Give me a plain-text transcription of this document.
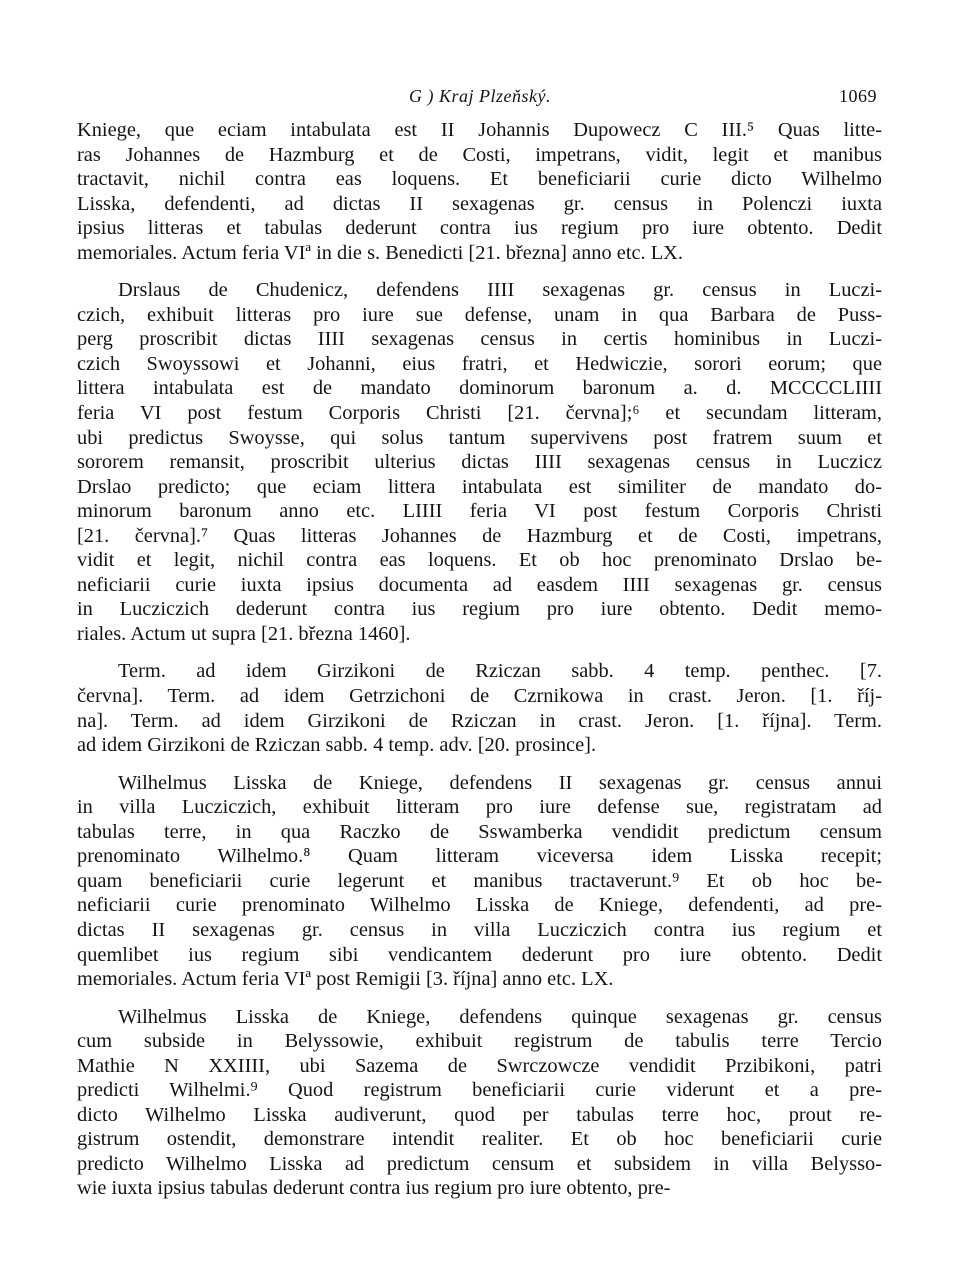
G ) Kraj Plzeňský.	1069
Kniege, que eciam intabulata est II Johannis Dupowecz C III.⁵ Quas litte-
ras Johannes de Hazmburg et de Costi, impetrans, vidit, legit et manibus
tractavit, nichil contra eas loquens. Et beneficiarii curie dicto Wilhelmo
Lisska, defendenti, ad dictas II sexagenas gr. census in Polenczi iuxta
ipsius litteras et tabulas dederunt contra ius regium pro iure obtento. Dedit
memoriales. Actum feria VIª in die s. Benedicti [21. března] anno etc. LX.
Drslaus de Chudenicz, defendens IIII sexagenas gr. census in Luczi-
czich, exhibuit litteras pro iure sue defense, unam in qua Barbara de Puss-
perg proscribit dictas IIII sexagenas census in certis hominibus in Luczi-
czich Swoyssowi et Johanni, eius fratri, et Hedwiczie, sorori eorum; que
littera intabulata est de mandato dominorum baronum a. d. MCCCCLIIII
feria VI post festum Corporis Christi [21. června];⁶ et secundam litteram,
ubi predictus Swoysse, qui solus tantum supervivens post fratrem suum et
sororem remansit, proscribit ulterius dictas IIII sexagenas census in Luczicz
Drslao predicto; que eciam littera intabulata est similiter de mandato do-
minorum baronum anno etc. LIIII feria VI post festum Corporis Christi
[21. června].⁷ Quas litteras Johannes de Hazmburg et de Costi, impetrans,
vidit et legit, nichil contra eas loquens. Et ob hoc prenominato Drslao be-
neficiarii curie iuxta ipsius documenta ad easdem IIII sexagenas gr. census
in Lucziczich dederunt contra ius regium pro iure obtento. Dedit memo-
riales. Actum ut supra [21. března 1460].
Term. ad idem Girzikoni de Rziczan sabb. 4 temp. penthec. [7.
června]. Term. ad idem Getrzichoni de Czrnikowa in crast. Jeron. [1. říj-
na]. Term. ad idem Girzikoni de Rziczan in crast. Jeron. [1. října]. Term.
ad idem Girzikoni de Rziczan sabb. 4 temp. adv. [20. prosince].
Wilhelmus Lisska de Kniege, defendens II sexagenas gr. census annui
in villa Lucziczich, exhibuit litteram pro iure defense sue, registratam ad
tabulas terre, in qua Raczko de Sswamberka vendidit predictum censum
prenominato Wilhelmo.⁸ Quam litteram viceversa idem Lisska recepit;
quam beneficiarii curie legerunt et manibus tractaverunt.⁹ Et ob hoc be-
neficiarii curie prenominato Wilhelmo Lisska de Kniege, defendenti, ad pre-
dictas II sexagenas gr. census in villa Lucziczich contra ius regium et
quemlibet ius regium sibi vendicantem dederunt pro iure obtento. Dedit
memoriales. Actum feria VIª post Remigii [3. října] anno etc. LX.
Wilhelmus Lisska de Kniege, defendens quinque sexagenas gr. census
cum subside in Belyssowie, exhibuit registrum de tabulis terre Tercio
Mathie N XXIIII, ubi Sazema de Swrczowcze vendidit Przibikoni, patri
predicti Wilhelmi.⁹ Quod registrum beneficiarii curie viderunt et a pre-
dicto Wilhelmo Lisska audiverunt, quod per tabulas terre hoc, prout re-
gistrum ostendit, demonstrare intendit realiter. Et ob hoc beneficiarii curie
predicto Wilhelmo Lisska ad predictum censum et subsidem in villa Belysso-
wie iuxta ipsius tabulas dederunt contra ius regium pro iure obtento, pre-
